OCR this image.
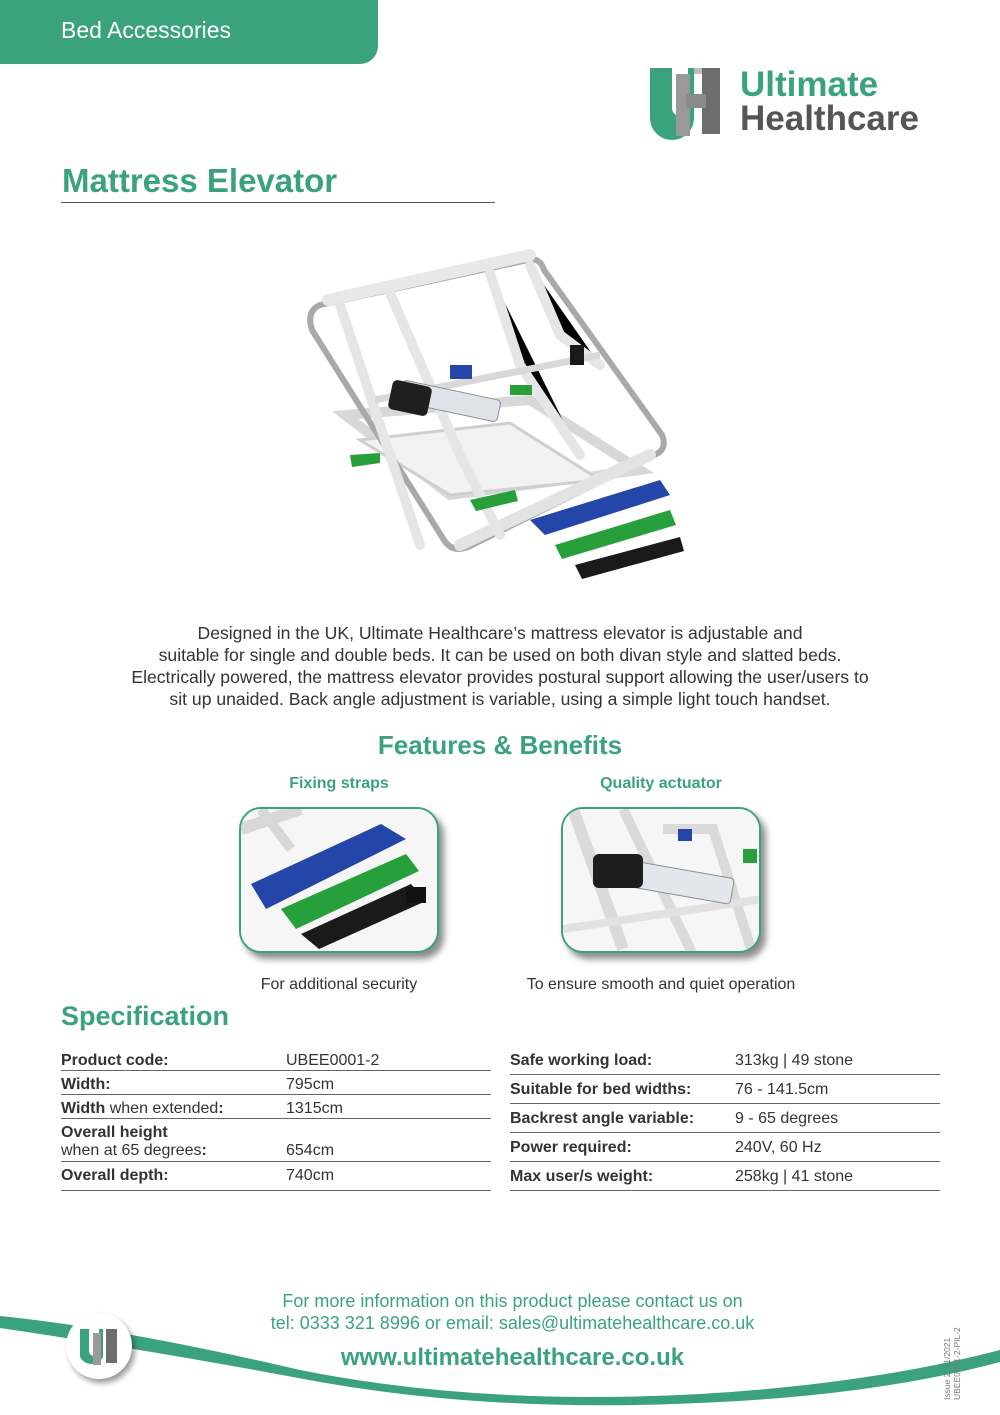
Bed Accessories
Ultimate
Healthcare
Mattress Elevator

Designed in the UK, Ultimate Healthcare’s mattress elevator is adjustable and

suitable for single and double beds. It can be used on both divan style and slatted beds.

Electrically powered, the mattress elevator provides postural support allowing the user/users to

sit up unaided. Back angle adjustment is variable, using a simple light touch handset.

Features & Benefits
Fixing straps
For additional security
Quality actuator
To ensure smooth and quiet operation
Specification
Product code:	UBEE0001-2
Width:	795cm
Width when extended:	1315cm
Overall height
when at 65 degrees:	654cm
Overall depth:	740cm
Safe working load:	313kg | 49 stone
Suitable for bed widths:	76 - 141.5cm
Backrest angle variable:	9 - 65 degrees
Power required:	240V, 60 Hz
Max user/s weight:	258kg | 41 stone
For more information on this product please contact us on
tel: 0333 321 8996 or email: sales@ultimatehealthcare.co.uk
www.ultimatehealthcare.co.uk	Issue 2: 11/2021 UBEE0001-2-PIL-2
